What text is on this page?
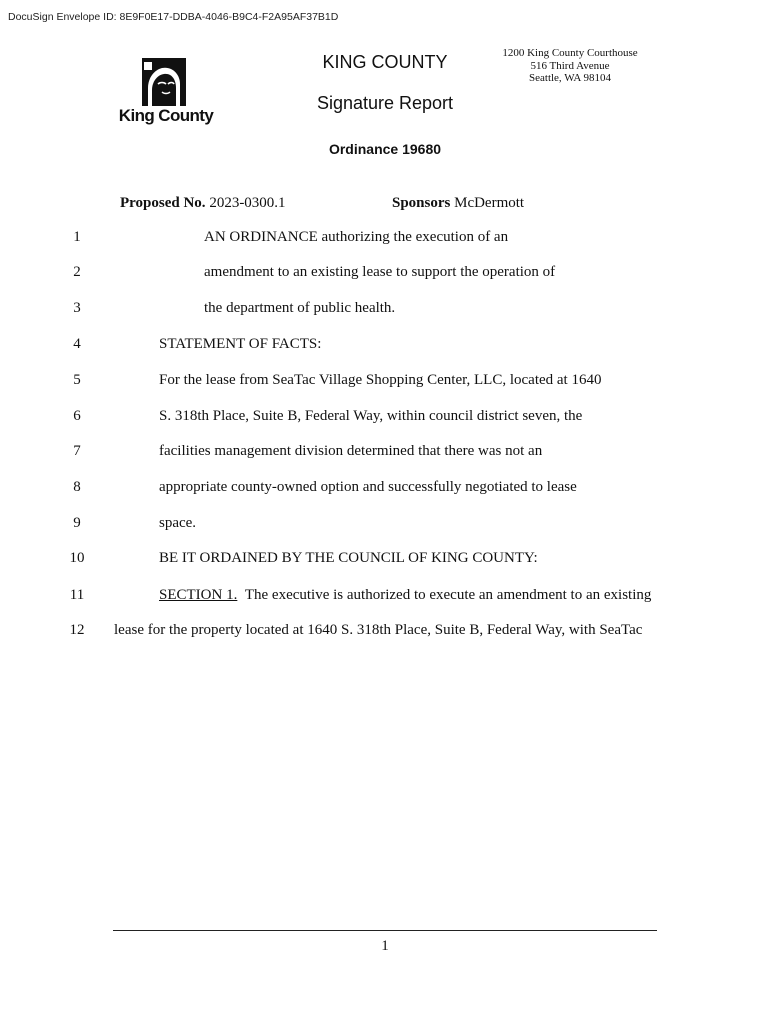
DocuSign Envelope ID: 8E9F0E17-DDBA-4046-B9C4-F2A95AF37B1D
King County
KING COUNTY	1200 King County Courthouse
516 Third Avenue
Seattle, WA 98104
Signature Report
Ordinance 19680
Proposed No. 2023-0300.1	Sponsors McDermott
1	AN ORDINANCE authorizing the execution of an
2	amendment to an existing lease to support the operation of
3	the department of public health.
4	STATEMENT OF FACTS:
5	For the lease from SeaTac Village Shopping Center, LLC, located at 1640
6	S. 318th Place, Suite B, Federal Way, within council district seven, the
7	facilities management division determined that there was not an
8	appropriate county-owned option and successfully negotiated to lease
9	space.
10	BE IT ORDAINED BY THE COUNCIL OF KING COUNTY:
11	SECTION 1. The executive is authorized to execute an amendment to an existing
12	lease for the property located at 1640 S. 318th Place, Suite B, Federal Way, with SeaTac
1
